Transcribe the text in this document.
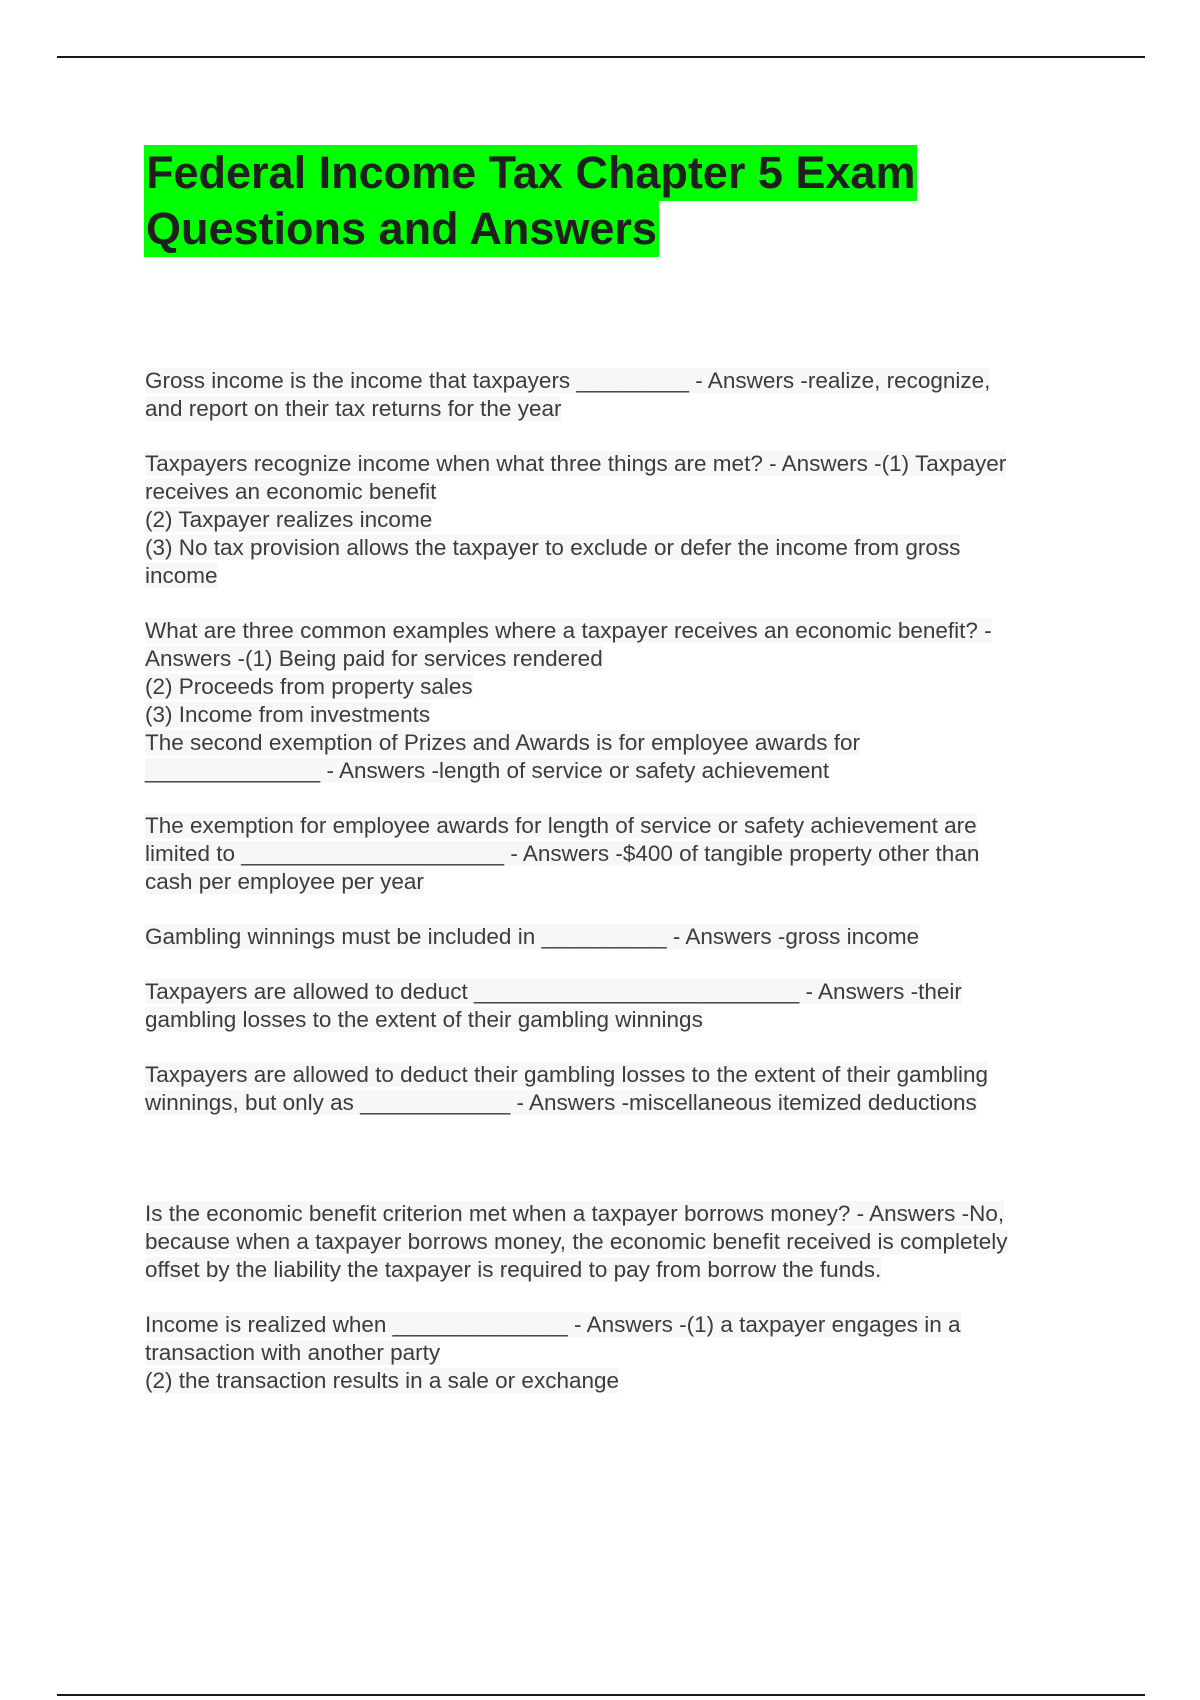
Federal Income Tax Chapter 5 Exam
Questions and Answers
Gross income is the income that taxpayers _________ - Answers -realize, recognize,
and report on their tax returns for the year
Taxpayers recognize income when what three things are met? - Answers -(1) Taxpayer
receives an economic benefit
(2) Taxpayer realizes income
(3) No tax provision allows the taxpayer to exclude or defer the income from gross
income
What are three common examples where a taxpayer receives an economic benefit? -
Answers -(1) Being paid for services rendered
(2) Proceeds from property sales
(3) Income from investments
The second exemption of Prizes and Awards is for employee awards for
______________ - Answers -length of service or safety achievement
The exemption for employee awards for length of service or safety achievement are
limited to _____________________ - Answers -$400 of tangible property other than
cash per employee per year
Gambling winnings must be included in __________ - Answers -gross income
Taxpayers are allowed to deduct __________________________ - Answers -their
gambling losses to the extent of their gambling winnings
Taxpayers are allowed to deduct their gambling losses to the extent of their gambling
winnings, but only as ____________ - Answers -miscellaneous itemized deductions
Is the economic benefit criterion met when a taxpayer borrows money? - Answers -No,
because when a taxpayer borrows money, the economic benefit received is completely
offset by the liability the taxpayer is required to pay from borrow the funds.
Income is realized when ______________ - Answers -(1) a taxpayer engages in a
transaction with another party
(2) the transaction results in a sale or exchange
